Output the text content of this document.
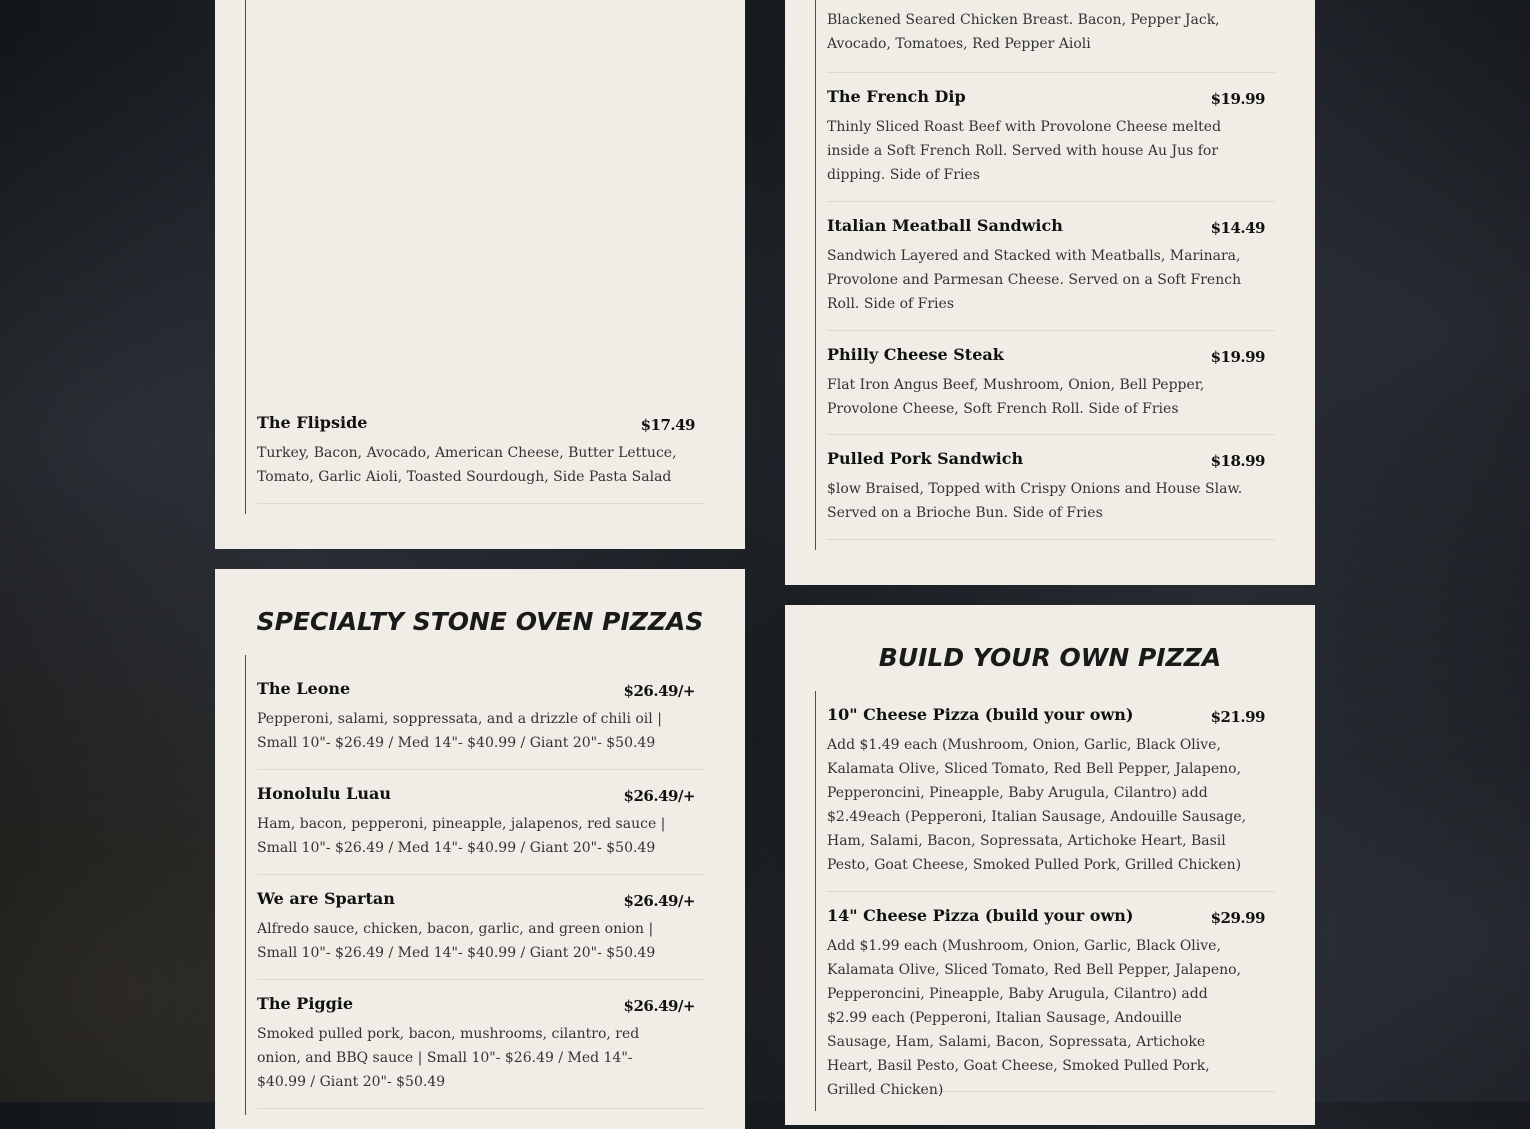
The Flipside	$17.49
Turkey, Bacon, Avocado, American Cheese, Butter Lettuce, Tomato, Garlic Aioli, Toasted Sourdough, Side Pasta Salad
SPECIALTY STONE OVEN PIZZAS
The Leone	$26.49/+
Pepperoni, salami, soppressata, and a drizzle of chili oil | Small 10"- $26.49 / Med 14"- $40.99 / Giant 20"- $50.49
Honolulu Luau	$26.49/+
Ham, bacon, pepperoni, pineapple, jalapenos, red sauce | Small 10"- $26.49 / Med 14"- $40.99 / Giant 20"- $50.49
We are Spartan	$26.49/+
Alfredo sauce, chicken, bacon, garlic, and green onion | Small 10"- $26.49 / Med 14"- $40.99 / Giant 20"- $50.49
The Piggie	$26.49/+
Smoked pulled pork, bacon, mushrooms, cilantro, red onion, and BBQ sauce | Small 10"- $26.49 / Med 14"- $40.99 / Giant 20"- $50.49
Blackened Seared Chicken Breast. Bacon, Pepper Jack, Avocado, Tomatoes, Red Pepper Aioli
The French Dip	$19.99
Thinly Sliced Roast Beef with Provolone Cheese melted inside a Soft French Roll. Served with house Au Jus for dipping. Side of Fries
Italian Meatball Sandwich	$14.49
Sandwich Layered and Stacked with Meatballs, Marinara, Provolone and Parmesan Cheese. Served on a Soft French Roll. Side of Fries
Philly Cheese Steak	$19.99
Flat Iron Angus Beef, Mushroom, Onion, Bell Pepper, Provolone Cheese, Soft French Roll. Side of Fries
Pulled Pork Sandwich	$18.99
$low Braised, Topped with Crispy Onions and House Slaw. Served on a Brioche Bun. Side of Fries
BUILD YOUR OWN PIZZA
10" Cheese Pizza (build your own)	$21.99
Add $1.49 each (Mushroom, Onion, Garlic, Black Olive, Kalamata Olive, Sliced Tomato, Red Bell Pepper, Jalapeno, Pepperoncini, Pineapple, Baby Arugula, Cilantro) add $2.49each (Pepperoni, Italian Sausage, Andouille Sausage, Ham, Salami, Bacon, Sopressata, Artichoke Heart, Basil Pesto, Goat Cheese, Smoked Pulled Pork, Grilled Chicken)
14" Cheese Pizza (build your own)	$29.99
Add $1.99 each (Mushroom, Onion, Garlic, Black Olive, Kalamata Olive, Sliced Tomato, Red Bell Pepper, Jalapeno, Pepperoncini, Pineapple, Baby Arugula, Cilantro) add $2.99 each (Pepperoni, Italian Sausage, Andouille Sausage, Ham, Salami, Bacon, Sopressata, Artichoke Heart, Basil Pesto, Goat Cheese, Smoked Pulled Pork, Grilled Chicken)
